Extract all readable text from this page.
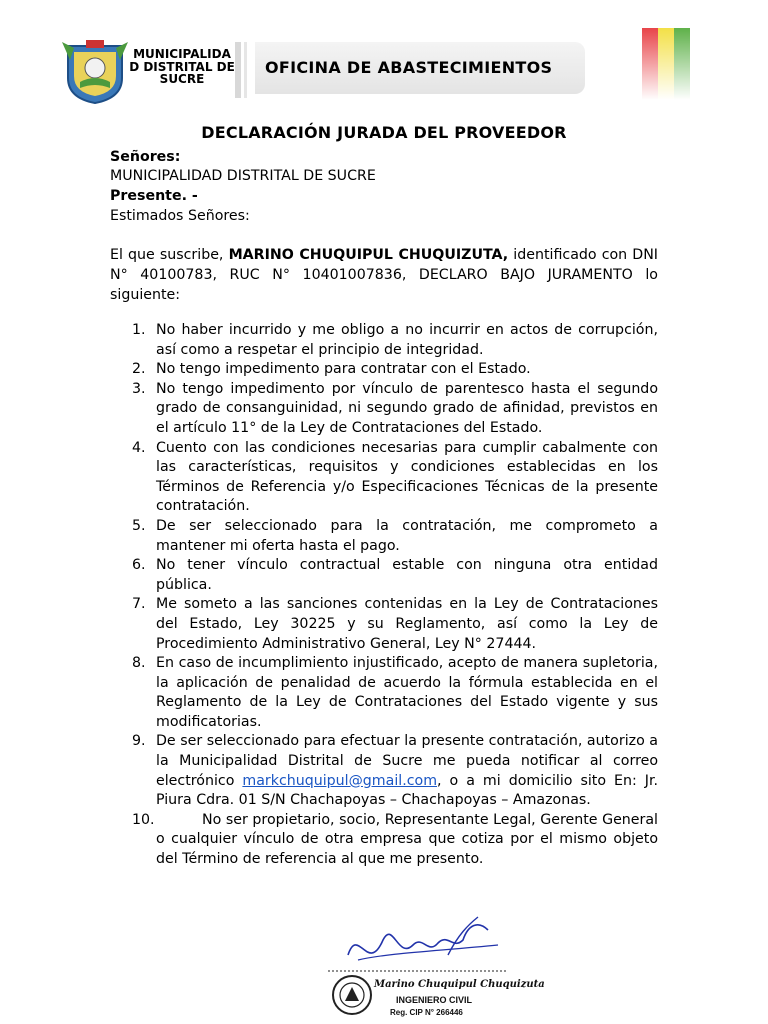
MUNICIPALIDA
D DISTRITAL DE
SUCRE
OFICINA DE ABASTECIMIENTOS
DECLARACIÓN JURADA DEL PROVEEDOR
Señores:
MUNICIPALIDAD DISTRITAL DE SUCRE
Presente. -
Estimados Señores:
El que suscribe, MARINO CHUQUIPUL CHUQUIZUTA, identificado con DNI N° 40100783, RUC N° 10401007836, DECLARO BAJO JURAMENTO lo siguiente:
1. No haber incurrido y me obligo a no incurrir en actos de corrupción, así como a respetar el principio de integridad.
2. No tengo impedimento para contratar con el Estado.
3. No tengo impedimento por vínculo de parentesco hasta el segundo grado de consanguinidad, ni segundo grado de afinidad, previstos en el artículo 11° de la Ley de Contrataciones del Estado.
4. Cuento con las condiciones necesarias para cumplir cabalmente con las características, requisitos y condiciones establecidas en los Términos de Referencia y/o Especificaciones Técnicas de la presente contratación.
5. De ser seleccionado para la contratación, me comprometo a mantener mi oferta hasta el pago.
6. No tener vínculo contractual estable con ninguna otra entidad pública.
7. Me someto a las sanciones contenidas en la Ley de Contrataciones del Estado, Ley 30225 y su Reglamento, así como la Ley de Procedimiento Administrativo General, Ley N° 27444.
8. En caso de incumplimiento injustificado, acepto de manera supletoria, la aplicación de penalidad de acuerdo la fórmula establecida en el Reglamento de la Ley de Contrataciones del Estado vigente y sus modificatorias.
9. De ser seleccionado para efectuar la presente contratación, autorizo a la Municipalidad Distrital de Sucre me pueda notificar al correo electrónico markchuquipul@gmail.com, o a mi domicilio sito En: Jr. Piura Cdra. 01 S/N Chachapoyas – Chachapoyas – Amazonas.
10.	No ser propietario, socio, Representante Legal, Gerente General o cualquier vínculo de otra empresa que cotiza por el mismo objeto del Término de referencia al que me presento.
Marino Chuquipul Chuquizuta
INGENIERO CIVIL
Reg. CIP N° 266446
